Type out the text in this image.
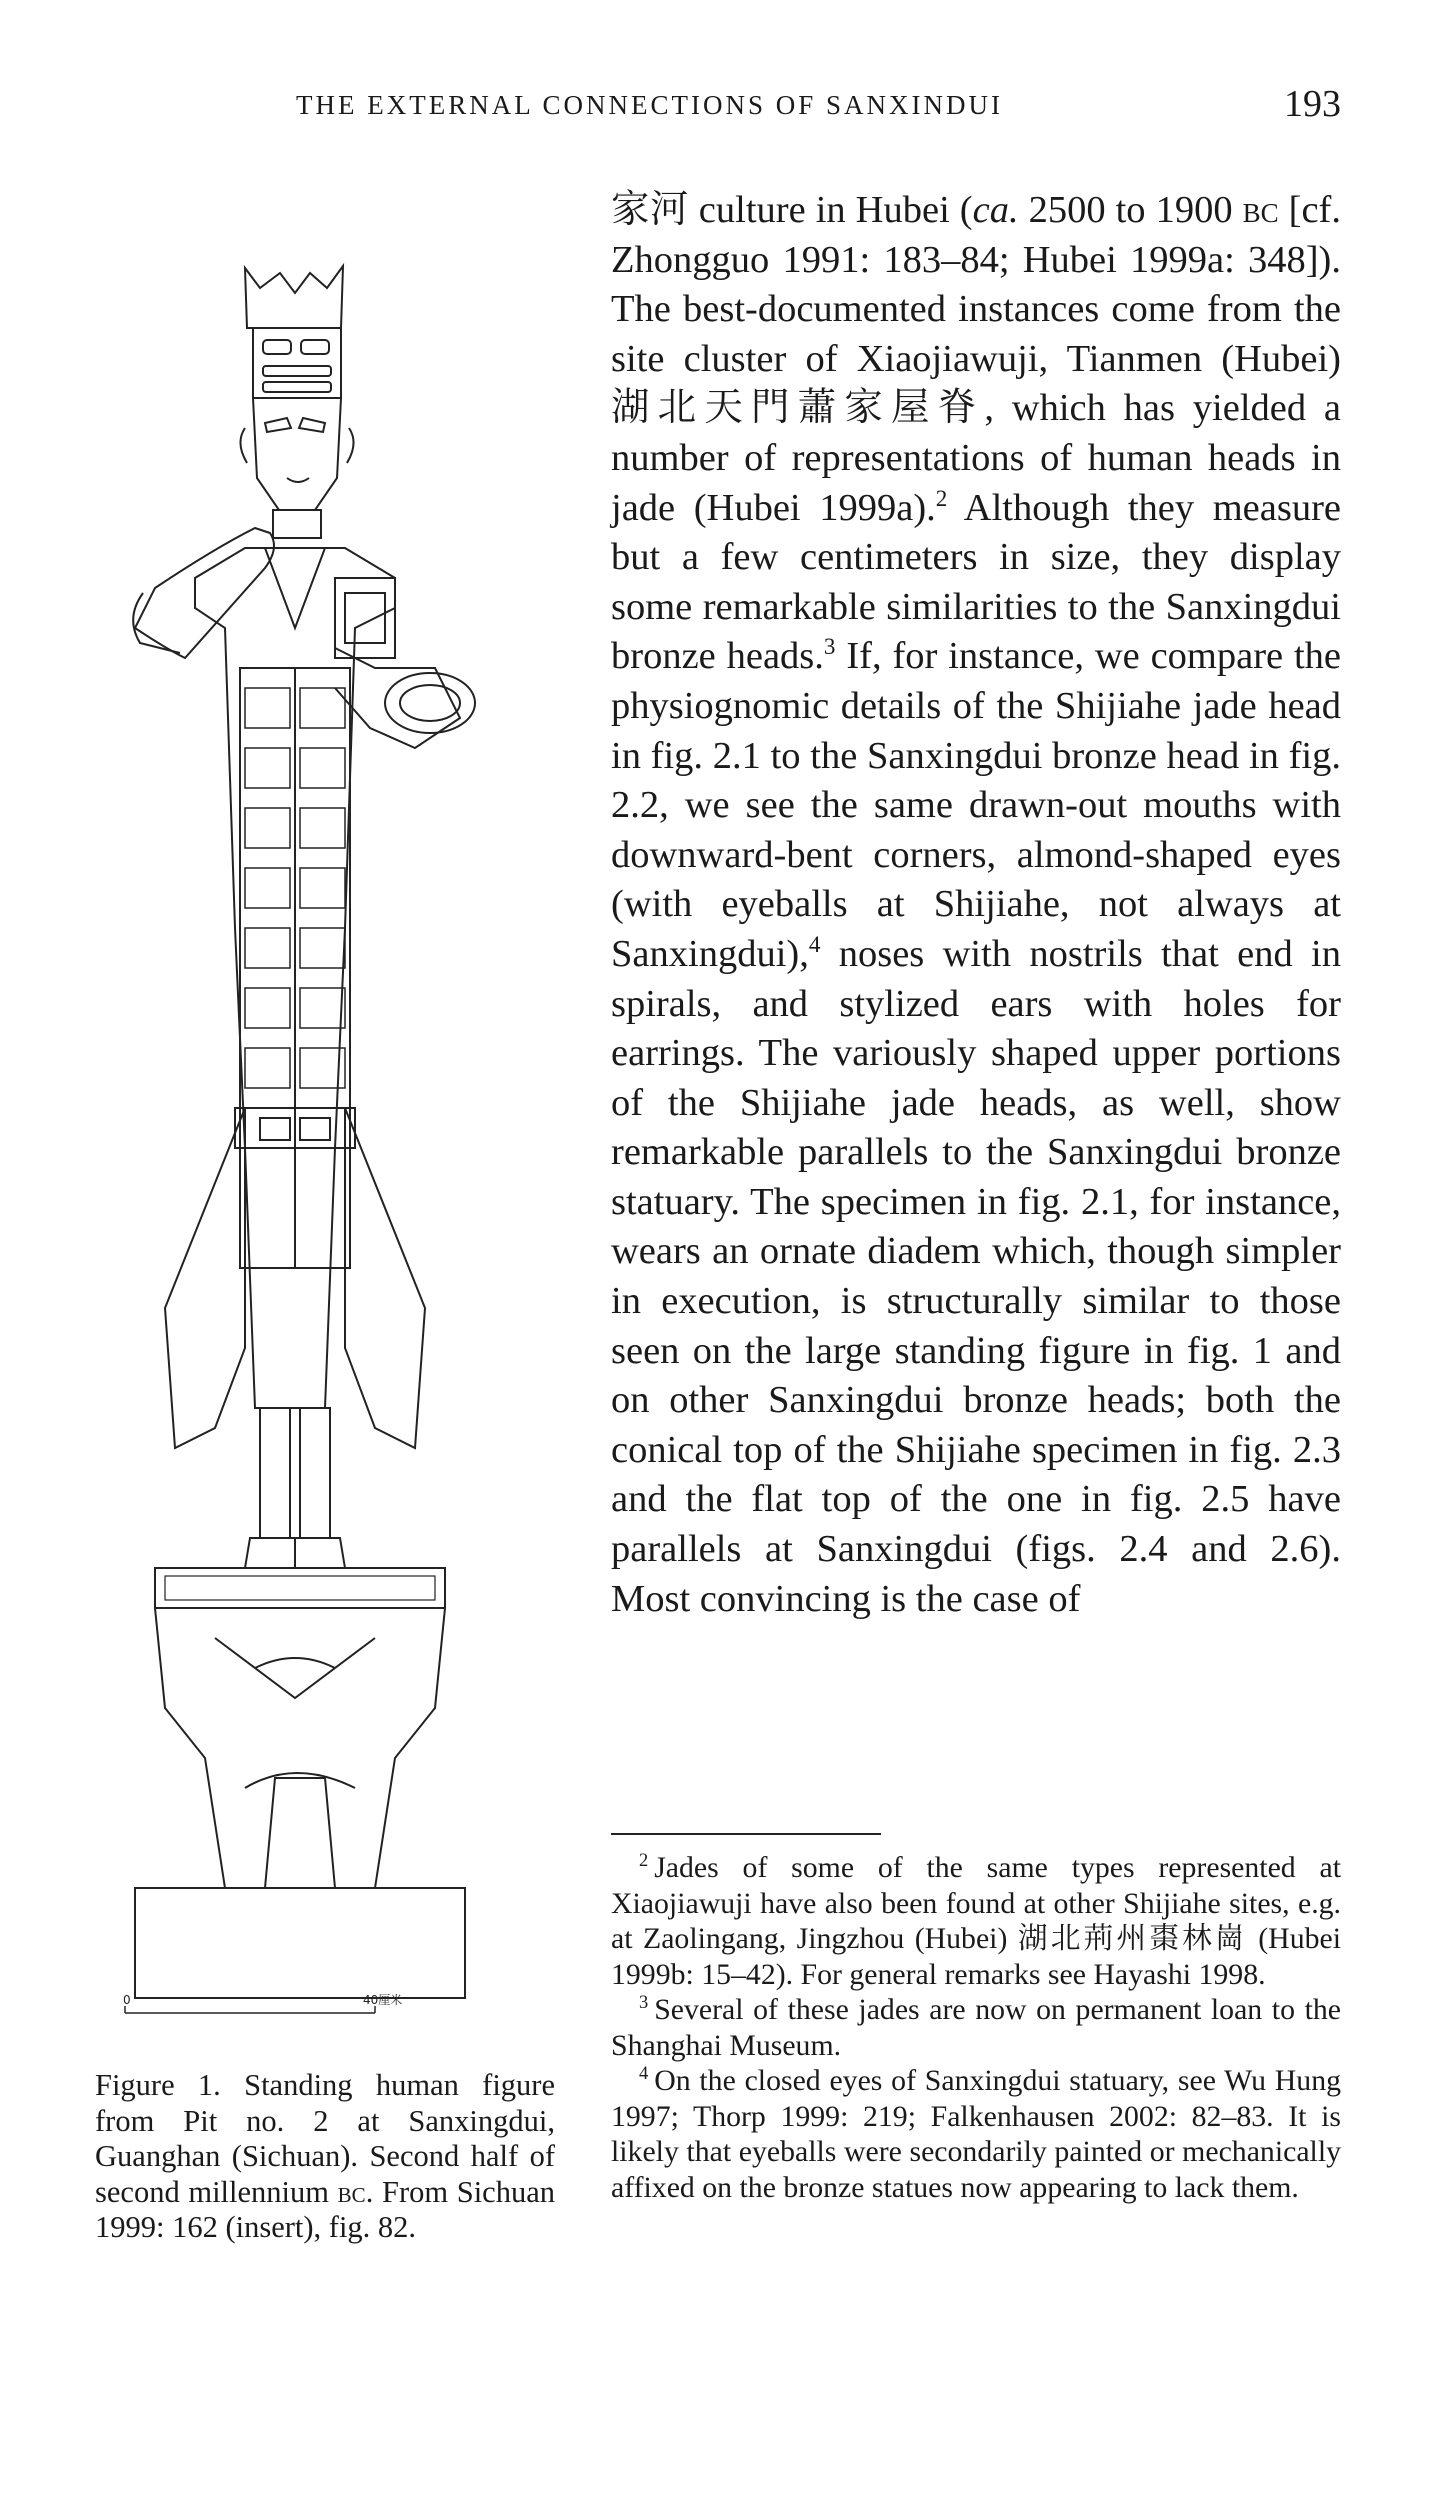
THE EXTERNAL CONNECTIONS OF SANXINDUI	193
0	40厘米

Figure 1. Standing human figure from Pit no. 2 at Sanxingdui, Guanghan (Sichuan). Second half of second millennium bc. From Sichuan 1999: 162 (insert), fig. 82.

家河 culture in Hubei (ca. 2500 to 1900 bc [cf. Zhongguo 1991: 183–84; Hubei 1999a: 348]). The best-documented instances come from the site cluster of Xiaojiawuji, Tianmen (Hubei) 湖北天門蕭家屋脊, which has yielded a number of representations of human heads in jade (Hubei 1999a).$^2$ Although they measure but a few centimeters in size, they display some remarkable similarities to the Sanxingdui bronze heads.$^3$ If, for instance, we compare the physiognomic details of the Shijiahe jade head in fig. 2.1 to the Sanxingdui bronze head in fig. 2.2, we see the same drawn-out mouths with downward-bent corners, almond-shaped eyes (with eyeballs at Shijiahe, not always at Sanxingdui),$^4$ noses with nostrils that end in spirals, and stylized ears with holes for earrings. The variously shaped upper portions of the Shijiahe jade heads, as well, show remarkable parallels to the Sanxingdui bronze statuary. The specimen in fig. 2.1, for instance, wears an ornate diadem which, though simpler in execution, is structurally similar to those seen on the large standing figure in fig. 1 and on other Sanxingdui bronze heads; both the conical top of the Shijiahe specimen in fig. 2.3 and the flat top of the one in fig. 2.5 have parallels at Sanxingdui (figs. 2.4 and 2.6). Most convincing is the case of

$^2$  Jades of some of the same types represented at Xiaojiawuji have also been found at other Shijiahe sites, e.g. at Zaolingang, Jingzhou (Hubei) 湖北荊州棗林崗 (Hubei 1999b: 15–42). For general remarks see Hayashi 1998.

$^3$  Several of these jades are now on permanent loan to the Shanghai Museum.

$^4$  On the closed eyes of Sanxingdui statuary, see Wu Hung 1997; Thorp 1999: 219; Falkenhausen 2002: 82–83. It is likely that eyeballs were secondarily painted or mechanically affixed on the bronze statues now appearing to lack them.
